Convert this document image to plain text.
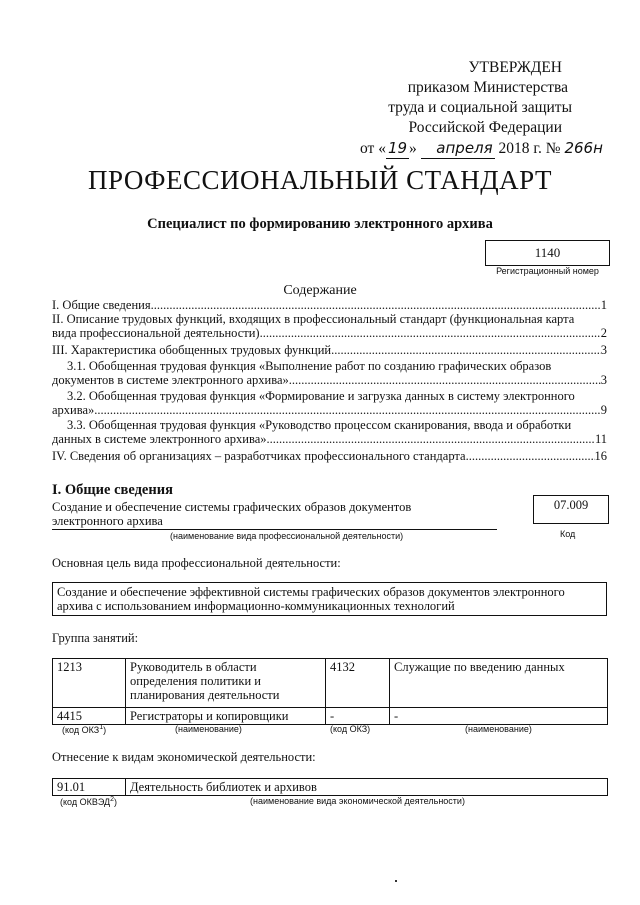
УТВЕРЖДЕН
приказом Министерства
труда и социальной защиты
Российской Федерации
от « 19 » апреля 2018 г. № 266н
ПРОФЕССИОНАЛЬНЫЙ СТАНДАРТ
Специалист по формированию электронного архива
1140
Регистрационный номер
Содержание
I. Общие сведения .....	1
II. Описание трудовых функций, входящих в профессиональный стандарт (функциональная карта
вида профессиональной деятельности) .....	2
III. Характеристика обобщенных трудовых функций .....	3
3.1. Обобщенная трудовая функция «Выполнение работ по созданию графических образов
документов в системе электронного архива» .....	3
3.2. Обобщенная трудовая функция «Формирование и загрузка данных в систему электронного
архива» .....	9
3.3. Обобщенная трудовая функция «Руководство процессом сканирования, ввода и обработки
данных в системе электронного архива» .....	11
IV. Сведения об организациях – разработчиках профессионального стандарта .....	16
I. Общие сведения
Создание и обеспечение системы графических образов документов
электронного архива
(наименование вида профессиональной деятельности)
07.009
Код
Основная цель вида профессиональной деятельности:
Создание и обеспечение эффективной системы графических образов документов электронного
архива с использованием информационно-коммуникационных технологий
Группа занятий:
1213	Руководитель в области определения политики и планирования деятельности	4132	Служащие по введению данных
4415	Регистраторы и копировщики	-	-
(код ОКЗ$^1$)	(наименование)	(код ОКЗ)	(наименование)
Отнесение к видам экономической деятельности:
91.01	Деятельность библиотек и архивов
(код ОКВЭД$^2$)	(наименование вида экономической деятельности)
